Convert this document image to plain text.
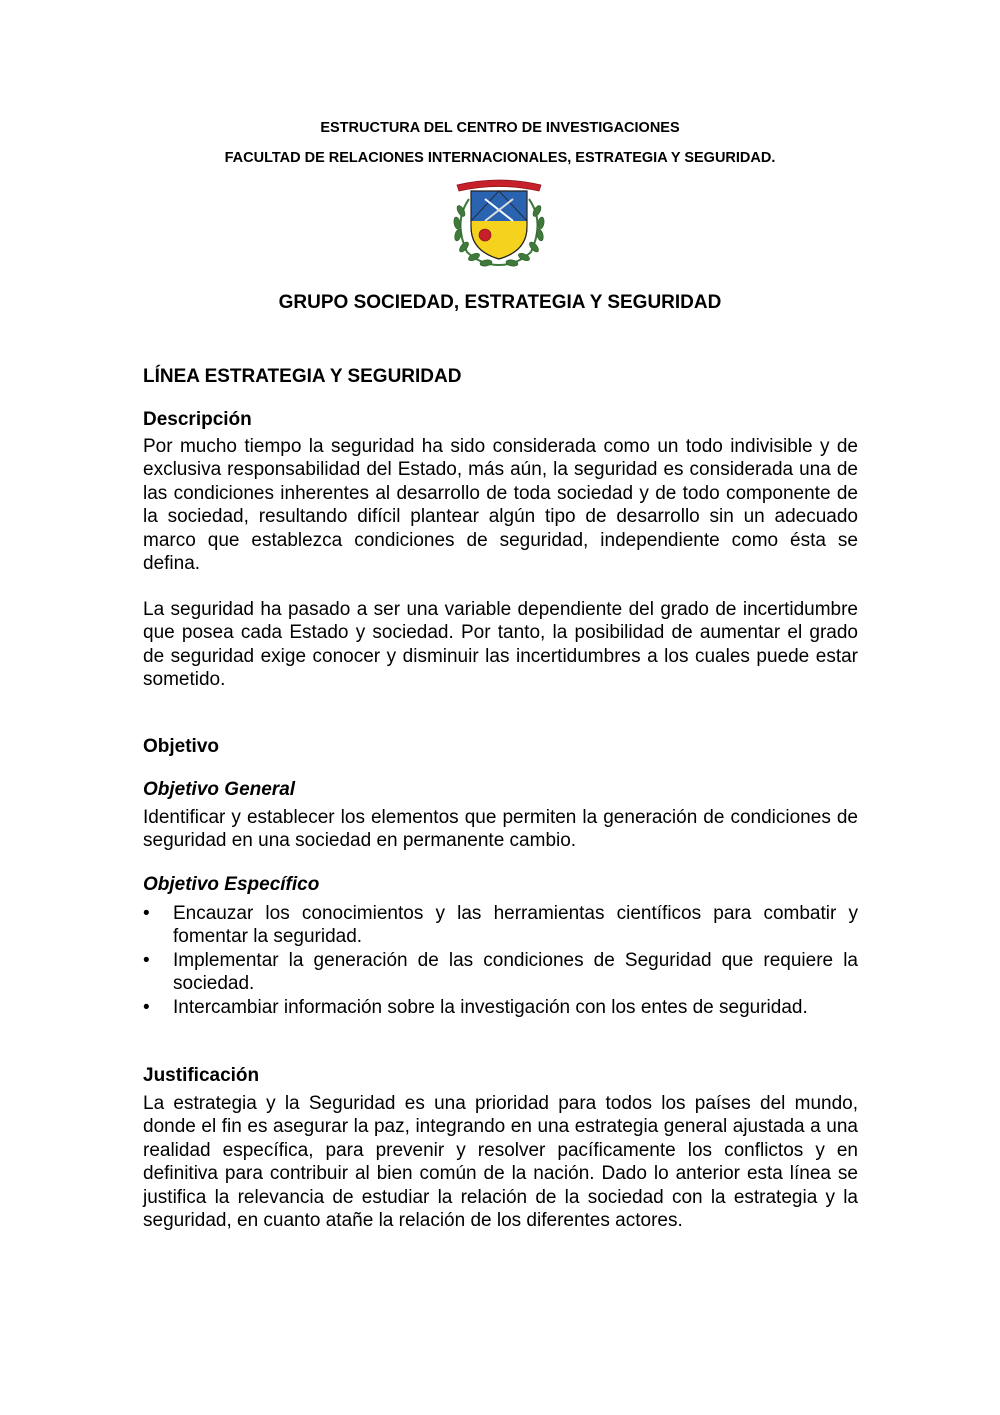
ESTRUCTURA DEL CENTRO DE INVESTIGACIONES
FACULTAD DE RELACIONES INTERNACIONALES, ESTRATEGIA Y SEGURIDAD.
GRUPO SOCIEDAD, ESTRATEGIA Y SEGURIDAD
LÍNEA ESTRATEGIA Y SEGURIDAD
Descripción
Por mucho tiempo la seguridad ha sido considerada como un todo indivisible y de exclusiva responsabilidad del Estado, más aún, la seguridad es considerada una de las condiciones inherentes al desarrollo de toda sociedad y de todo componente de la sociedad, resultando difícil plantear algún tipo de desarrollo sin un adecuado marco que establezca condiciones de seguridad, independiente como ésta se defina.
La seguridad ha pasado a ser una variable dependiente del grado de incertidumbre que posea cada Estado y sociedad. Por tanto, la posibilidad de aumentar el grado de seguridad exige conocer y disminuir las incertidumbres a los cuales puede estar sometido.
Objetivo
Objetivo General
Identificar y establecer los elementos que permiten la generación de condiciones de seguridad en una sociedad en permanente cambio.
Objetivo Específico
• Encauzar los conocimientos y las herramientas científicos para combatir y fomentar la seguridad.
• Implementar la generación de las condiciones de Seguridad que requiere la sociedad.
• Intercambiar información sobre la investigación con los entes de seguridad.
Justificación
La estrategia y la Seguridad es una prioridad para todos los países del mundo, donde el fin es asegurar la paz, integrando en una estrategia general ajustada a una realidad específica, para prevenir y resolver pacíficamente los conflictos y en definitiva para contribuir al bien común de la nación. Dado lo anterior esta línea se justifica la relevancia de estudiar la relación de la sociedad con la estrategia y la seguridad, en cuanto atañe la relación de los diferentes actores.
